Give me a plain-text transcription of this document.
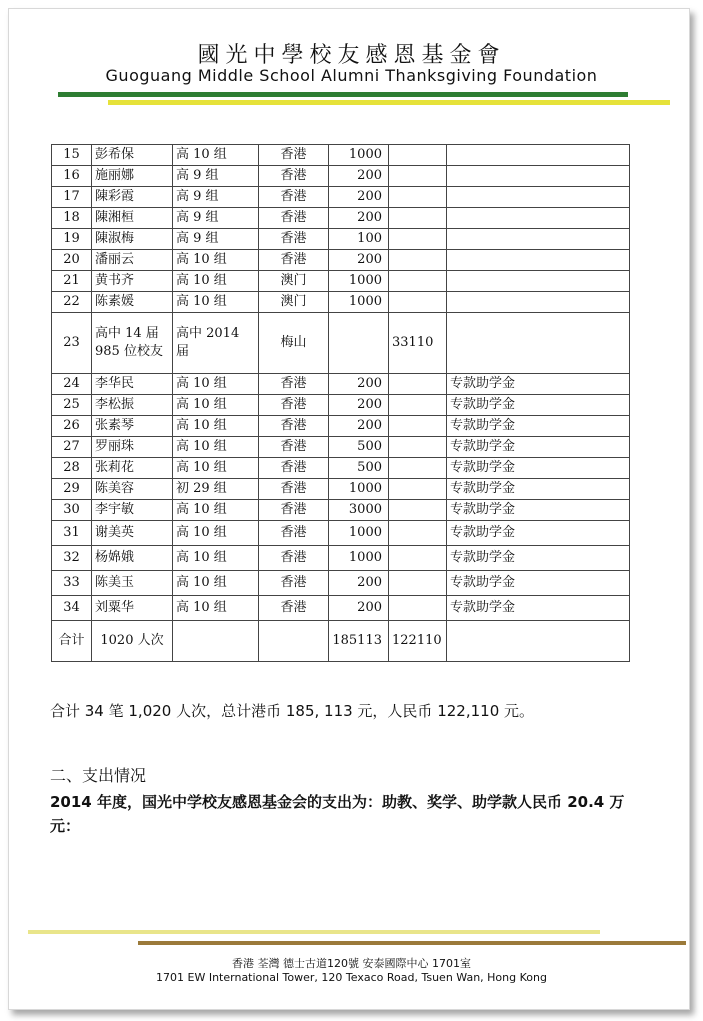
國光中學校友感恩基金會
Guoguang Middle School Alumni Thanksgiving Foundation
15	彭希保	高 10 组	香港	1000		
16	施丽娜	高 9 组	香港	200		
17	陳彩霞	高 9 组	香港	200		
18	陳湘桓	高 9 组	香港	200		
19	陳淑梅	高 9 组	香港	100		
20	潘丽云	高 10 组	香港	200		
21	黄书齐	高 10 组	澳门	1000		
22	陈素媛	高 10 组	澳门	1000		
23	高中 14 届 985 位校友	高中 2014 届	梅山		33110	
24	李华民	高 10 组	香港	200		专款助学金
25	李松振	高 10 组	香港	200		专款助学金
26	张素琴	高 10 组	香港	200		专款助学金
27	罗丽珠	高 10 组	香港	500		专款助学金
28	张莉花	高 10 组	香港	500		专款助学金
29	陈美容	初 29 组	香港	1000		专款助学金
30	李宇敏	高 10 组	香港	3000		专款助学金
31	谢美英	高 10 组	香港	1000		专款助学金
32	杨婂娥	高 10 组	香港	1000		专款助学金
33	陈美玉	高 10 组	香港	200		专款助学金
34	刘粟华	高 10 组	香港	200		专款助学金
合计	1020 人次			185113	122110	
合计 34 笔 1,020 人次，总计港币 185, 113 元，人民币 122,110 元。
二、支出情况
2014 年度，国光中学校友感恩基金会的支出为：助教、奖学、助学款人民币 20.4 万元：
香港 荃灣 德士古道120號 安泰國際中心 1701室
1701 EW International Tower, 120 Texaco Road, Tsuen Wan, Hong Kong
